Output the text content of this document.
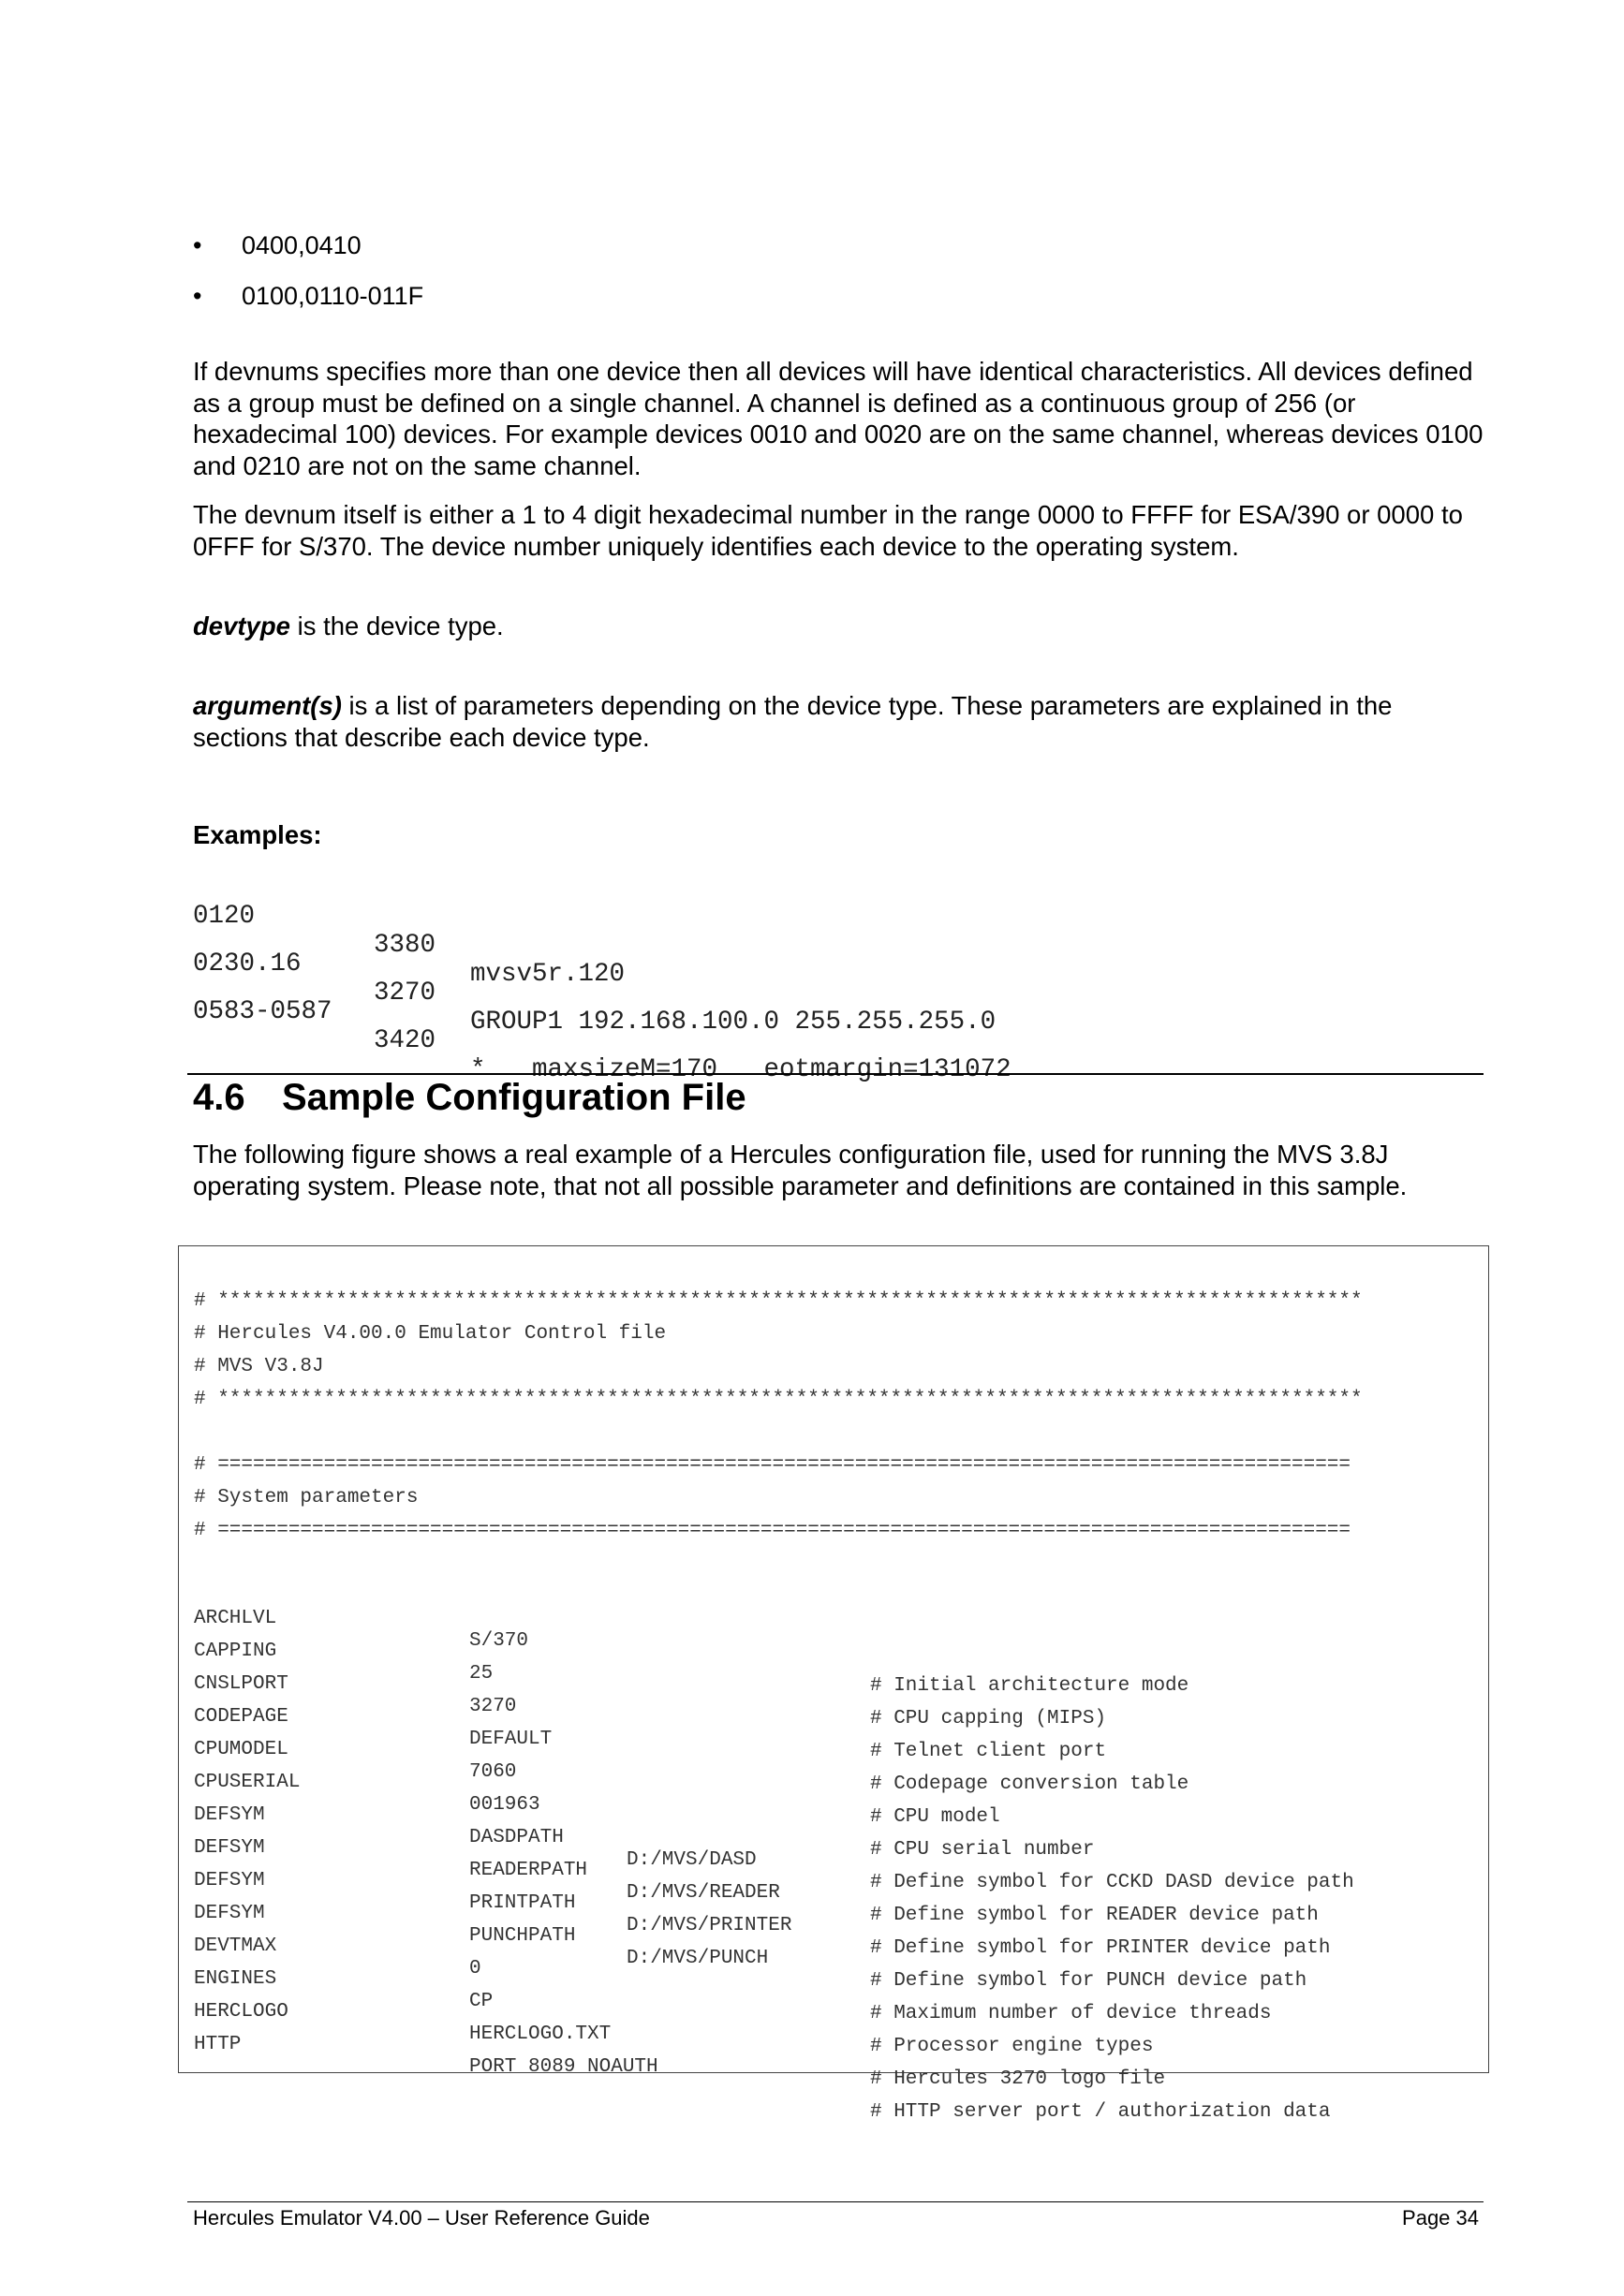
• 0400,0410
• 0100,0110-011F

If devnums specifies more than one device then all devices will have identical characteristics. All devices defined as a group must be defined on a single channel. A channel is defined as a continuous group of 256 (or hexadecimal 100) devices. For example devices 0010 and 0020 are on the same channel, whereas devices 0100 and 0210 are not on the same channel.

The devnum itself is either a 1 to 4 digit hexadecimal number in the range 0000 to FFFF for ESA/390 or 0000 to 0FFF for S/370. The device number uniquely identifies each device to the operating system.

devtype is the device type.

argument(s) is a list of parameters depending on the device type. These parameters are explained in the sections that describe each device type.

Examples:

0120

3380

mvsv5r.120

0230.16

3270

GROUP1 192.168.100.0 255.255.255.0

0583-0587

3420

*   maxsizeM=170   eotmargin=131072

4.6 Sample Configuration File

The following figure shows a real example of a Hercules configuration file, used for running the MVS 3.8J operating system. Please note, that not all possible parameter and definitions are contained in this sample.

# *************************************************************************************************
# Hercules V4.00.0 Emulator Control file
# MVS V3.8J
# *************************************************************************************************
# ================================================================================================
# System parameters
# ================================================================================================

ARCHLVL

S/370

# Initial architecture mode

CAPPING

25

# CPU capping (MIPS)

CNSLPORT

3270

# Telnet client port

CODEPAGE

DEFAULT

# Codepage conversion table

CPUMODEL

7060

# CPU model

CPUSERIAL

001963

# CPU serial number

DEFSYM

DASDPATH

D:/MVS/DASD

# Define symbol for CCKD DASD device path

DEFSYM

READERPATH

D:/MVS/READER

# Define symbol for READER device path

DEFSYM

PRINTPATH

D:/MVS/PRINTER

# Define symbol for PRINTER device path

DEFSYM

PUNCHPATH

D:/MVS/PUNCH

# Define symbol for PUNCH device path

DEVTMAX

0

# Maximum number of device threads

ENGINES

CP

# Processor engine types

HERCLOGO

HERCLOGO.TXT

# Hercules 3270 logo file

HTTP

PORT 8089 NOAUTH

# HTTP server port / authorization data

Hercules Emulator V4.00 – User Reference Guide	Page 34
